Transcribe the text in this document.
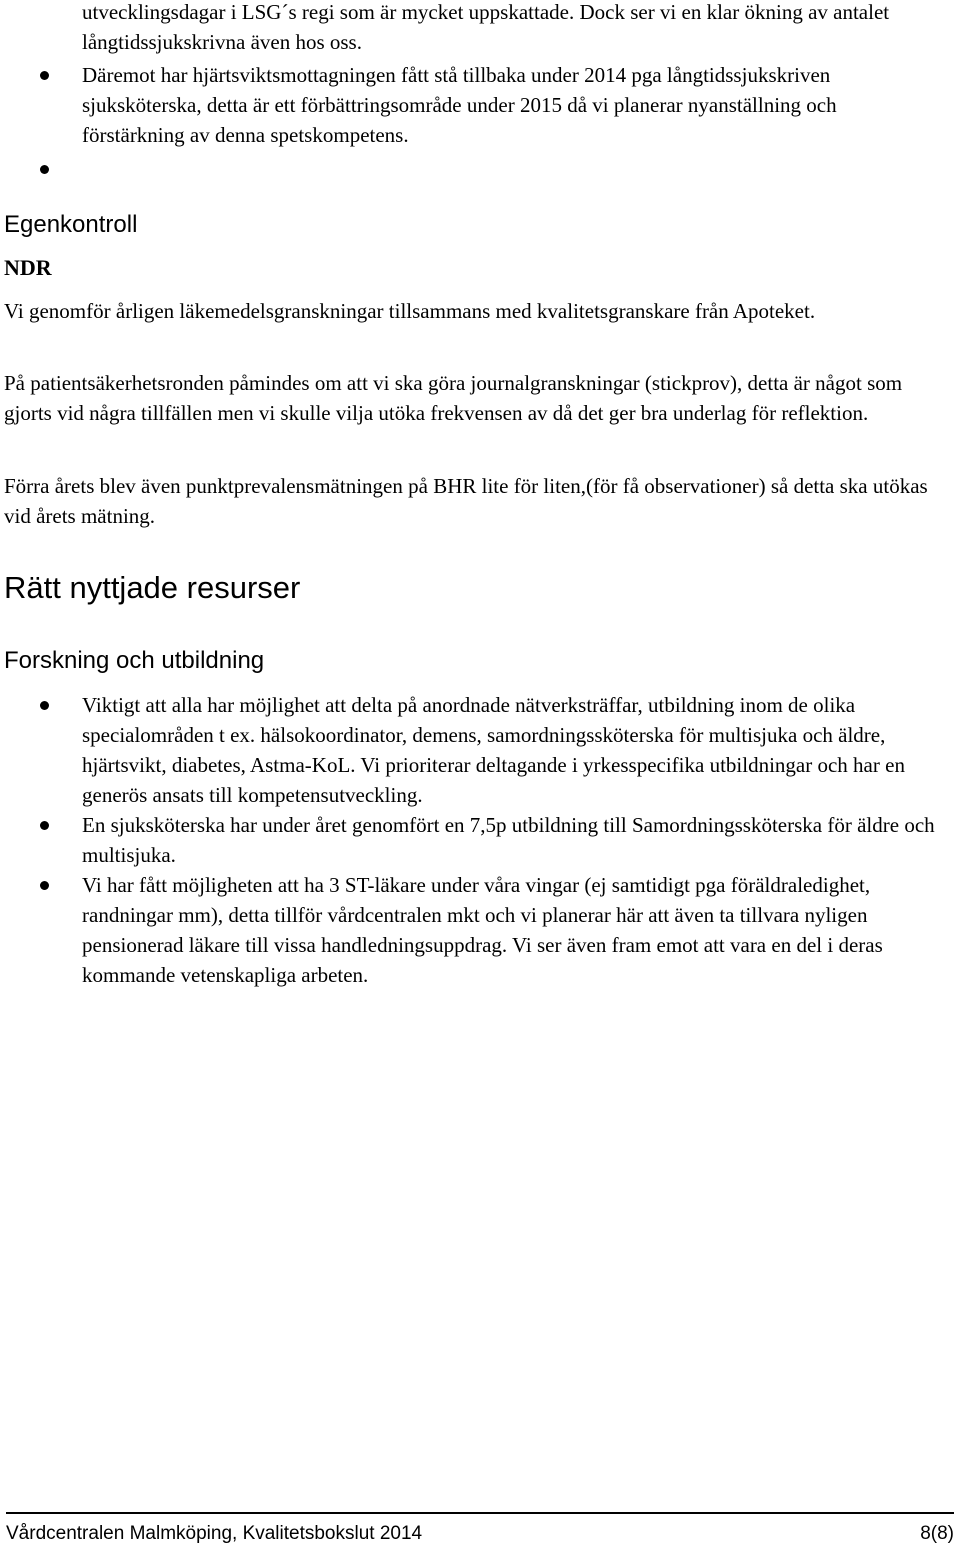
utvecklingsdagar i LSG´s regi som är mycket uppskattade. Dock ser vi en klar ökning av antalet långtidssjukskrivna även hos oss.
Däremot har hjärtsviktsmottagningen fått stå tillbaka under 2014 pga långtidssjukskriven sjuksköterska, detta är ett förbättringsområde under 2015 då vi planerar nyanställning och förstärkning av denna spetskompetens.
Egenkontroll
NDR

Vi genomför årligen läkemedelsgranskningar tillsammans med kvalitetsgranskare från Apoteket.

På patientsäkerhetsronden påmindes om att vi ska göra journalgranskningar (stickprov), detta är något som gjorts vid några tillfällen men vi skulle vilja utöka frekvensen av då det ger bra underlag för reflektion.

Förra årets blev även punktprevalensmätningen på BHR lite för liten,(för få observationer) så detta ska utökas vid årets mätning.

Rätt nyttjade resurser
Forskning och utbildning
Viktigt att alla har möjlighet att delta på anordnade nätverksträffar, utbildning inom de olika specialområden t ex. hälsokoordinator, demens, samordningssköterska för multisjuka och äldre, hjärtsvikt, diabetes, Astma-KoL. Vi prioriterar deltagande i yrkesspecifika utbildningar och har en generös ansats till kompetensutveckling.
En sjuksköterska har under året genomfört en 7,5p utbildning till Samordningssköterska för äldre och multisjuka.
Vi har fått möjligheten att ha 3 ST-läkare under våra vingar (ej samtidigt pga föräldraledighet, randningar mm), detta tillför vårdcentralen mkt och vi planerar här att även ta tillvara nyligen pensionerad läkare till vissa handledningsuppdrag. Vi ser även fram emot att vara en del i deras kommande vetenskapliga arbeten.
Vårdcentralen Malmköping, Kvalitetsbokslut 2014	8(8)
